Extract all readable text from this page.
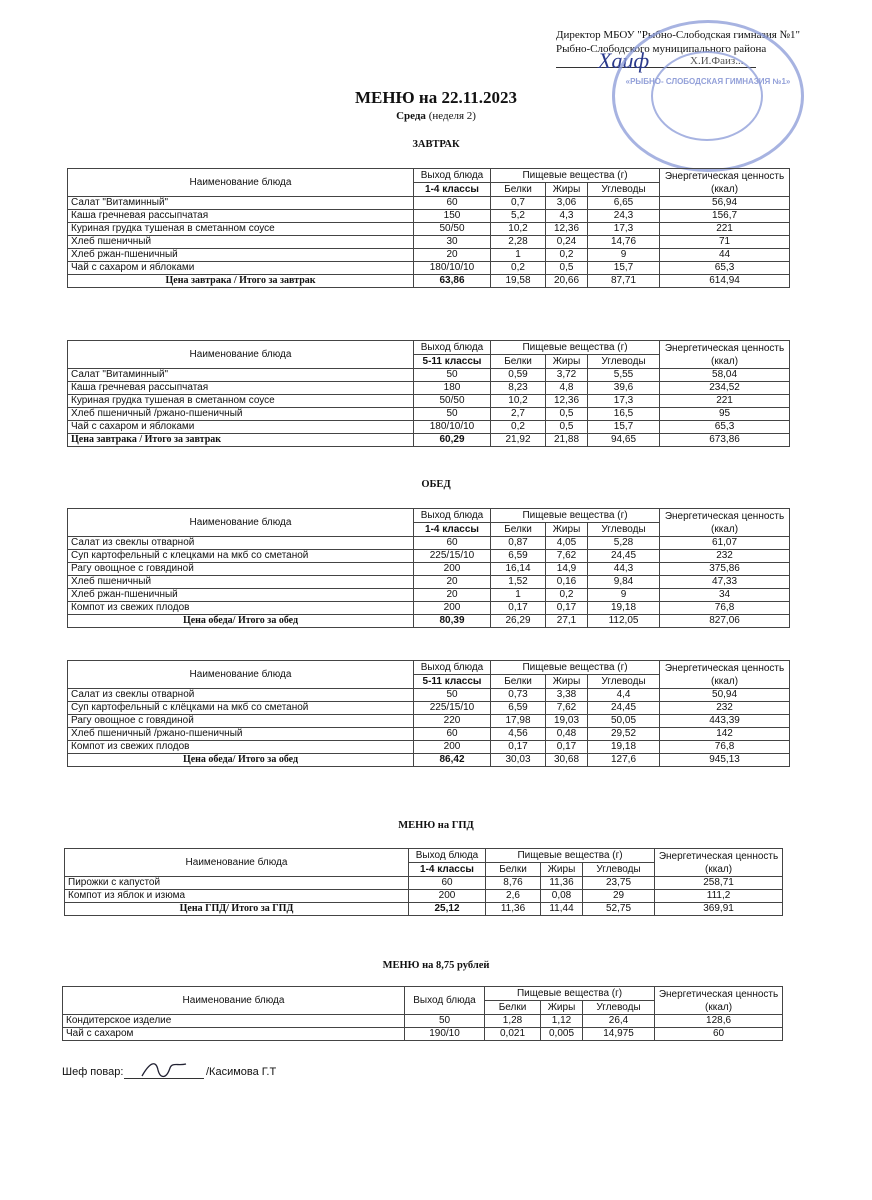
Директор МБОУ "Рыбно-Слободская гимназия №1"
Рыбно-Слободского муниципального района
Хаиф	Х.И.Фаиз...
«РЫБНО- СЛОБОДСКАЯ ГИМНАЗИЯ №1»
МЕНЮ на 22.11.2023
Среда (неделя 2)
ЗАВТРАК
Наименование блюда	Выход блюда	Пищевые вещества (г)			Энергетическая ценность (ккал)
	1-4 классы	Белки	Жиры	Углеводы	
Салат "Витаминный"	60	0,7	3,06	6,65	56,94
Каша гречневая рассыпчатая	150	5,2	4,3	24,3	156,7
Куриная грудка тушеная в сметанном соусе	50/50	10,2	12,36	17,3	221
Хлеб пшеничный	30	2,28	0,24	14,76	71
Хлеб ржан-пшеничный	20	1	0,2	9	44
Чай с сахаром и яблоками	180/10/10	0,2	0,5	15,7	65,3
Цена завтрака / Итого за завтрак	63,86	19,58	20,66	87,71	614,94
Наименование блюда	Выход блюда	Пищевые вещества (г)			Энергетическая ценность (ккал)
	5-11 классы	Белки	Жиры	Углеводы	
Салат "Витаминный"	50	0,59	3,72	5,55	58,04
Каша гречневая рассыпчатая	180	8,23	4,8	39,6	234,52
Куриная грудка тушеная в сметанном соусе	50/50	10,2	12,36	17,3	221
Хлеб пшеничный /ржано-пшеничный	50	2,7	0,5	16,5	95
Чай с сахаром и яблоками	180/10/10	0,2	0,5	15,7	65,3
Цена завтрака / Итого за завтрак	60,29	21,92	21,88	94,65	673,86
ОБЕД
Наименование блюда	Выход блюда	Пищевые вещества (г)			Энергетическая ценность (ккал)
	1-4 классы	Белки	Жиры	Углеводы	
Салат из свеклы отварной	60	0,87	4,05	5,28	61,07
Суп картофельный с клецками на мкб со сметаной	225/15/10	6,59	7,62	24,45	232
Рагу овощное с говядиной	200	16,14	14,9	44,3	375,86
Хлеб пшеничный	20	1,52	0,16	9,84	47,33
Хлеб ржан-пшеничный	20	1	0,2	9	34
Компот из свежих плодов	200	0,17	0,17	19,18	76,8
Цена обеда/ Итого за обед	80,39	26,29	27,1	112,05	827,06
Наименование блюда	Выход блюда	Пищевые вещества (г)			Энергетическая ценность (ккал)
	5-11 классы	Белки	Жиры	Углеводы	
Салат из свеклы отварной	50	0,73	3,38	4,4	50,94
Суп картофельный с клёцками на мкб со сметаной	225/15/10	6,59	7,62	24,45	232
Рагу овощное с говядиной	220	17,98	19,03	50,05	443,39
Хлеб пшеничный /ржано-пшеничный	60	4,56	0,48	29,52	142
Компот из свежих плодов	200	0,17	0,17	19,18	76,8
Цена обеда/ Итого за обед	86,42	30,03	30,68	127,6	945,13
МЕНЮ на ГПД
Наименование блюда	Выход блюда	Пищевые вещества (г)			Энергетическая ценность (ккал)
	1-4 классы	Белки	Жиры	Углеводы	
Пирожки с капустой	60	8,76	11,36	23,75	258,71
Компот из яблок и изюма	200	2,6	0,08	29	111,2
Цена ГПД/ Итого за ГПД	25,12	11,36	11,44	52,75	369,91
МЕНЮ на 8,75 рублей
Наименование блюда	Выход блюда	Пищевые вещества (г)			Энергетическая ценность (ккал)
		Белки	Жиры	Углеводы	
Кондитерское изделие	50	1,28	1,12	26,4	128,6
Чай с сахаром	190/10	0,021	0,005	14,975	60
Шеф повар:	/Касимова Г.Т
